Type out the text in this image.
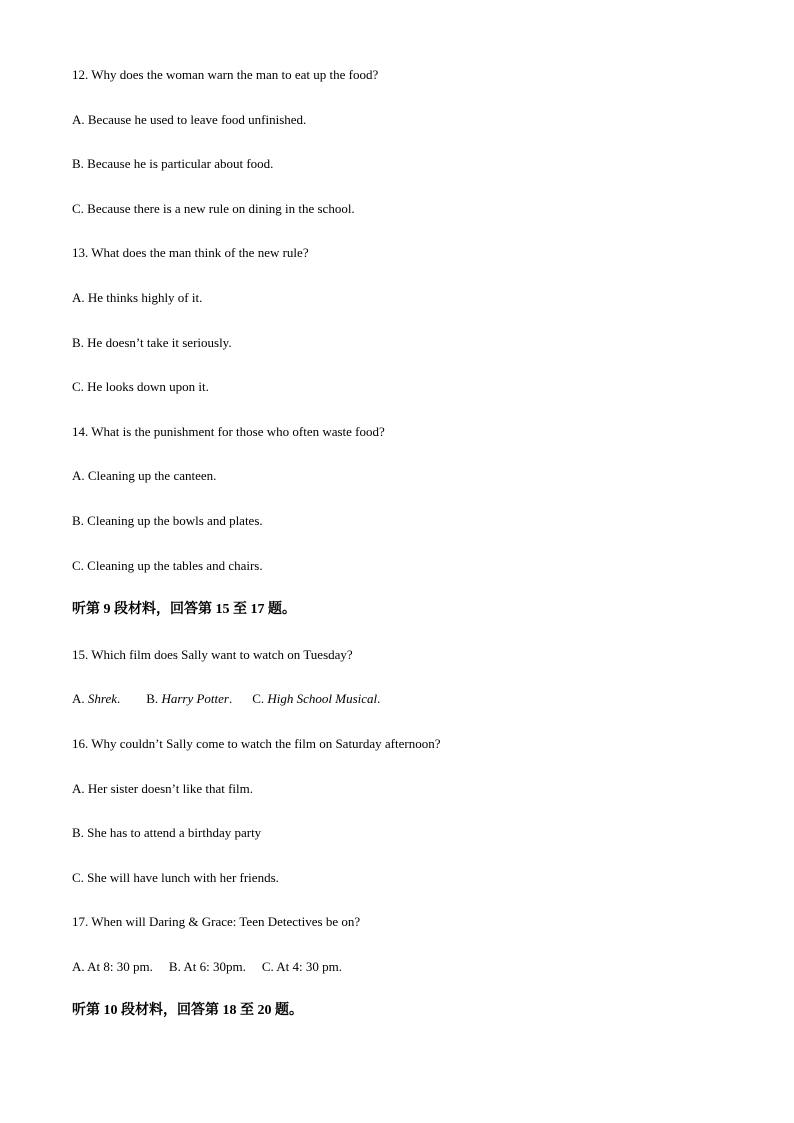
12. Why does the woman warn the man to eat up the food?
A. Because he used to leave food unfinished.
B. Because he is particular about food.
C. Because there is a new rule on dining in the school.
13. What does the man think of the new rule?
A. He thinks highly of it.
B. He doesn’t take it seriously.
C. He looks down upon it.
14. What is the punishment for those who often waste food?
A. Cleaning up the canteen.
B. Cleaning up the bowls and plates.
C. Cleaning up the tables and chairs.
听第 9 段材料，回答第 15 至 17 题。
15. Which film does Sally want to watch on Tuesday?
A. Shrek. B. Harry Potter. C. High School Musical.
16. Why couldn’t Sally come to watch the film on Saturday afternoon?
A. Her sister doesn’t like that film.
B. She has to attend a birthday party
C. She will have lunch with her friends.
17. When will Daring & Grace: Teen Detectives be on?
A. At 8: 30 pm. B. At 6: 30pm. C. At 4: 30 pm.
听第 10 段材料，回答第 18 至 20 题。
